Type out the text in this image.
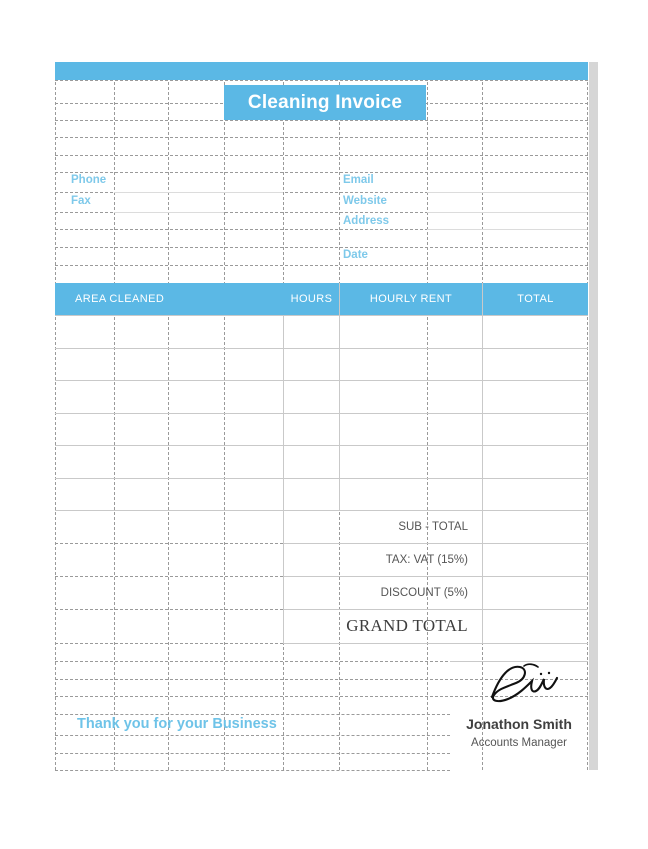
Cleaning Invoice
Phone
Fax
Email
Website
Address
Date
AREA CLEANED	HOURS	HOURLY RENT	TOTAL
SUB - TOTAL
TAX: VAT (15%)
DISCOUNT (5%)
GRAND TOTAL
Thank you for your Business	Jonathon Smith
Accounts Manager
